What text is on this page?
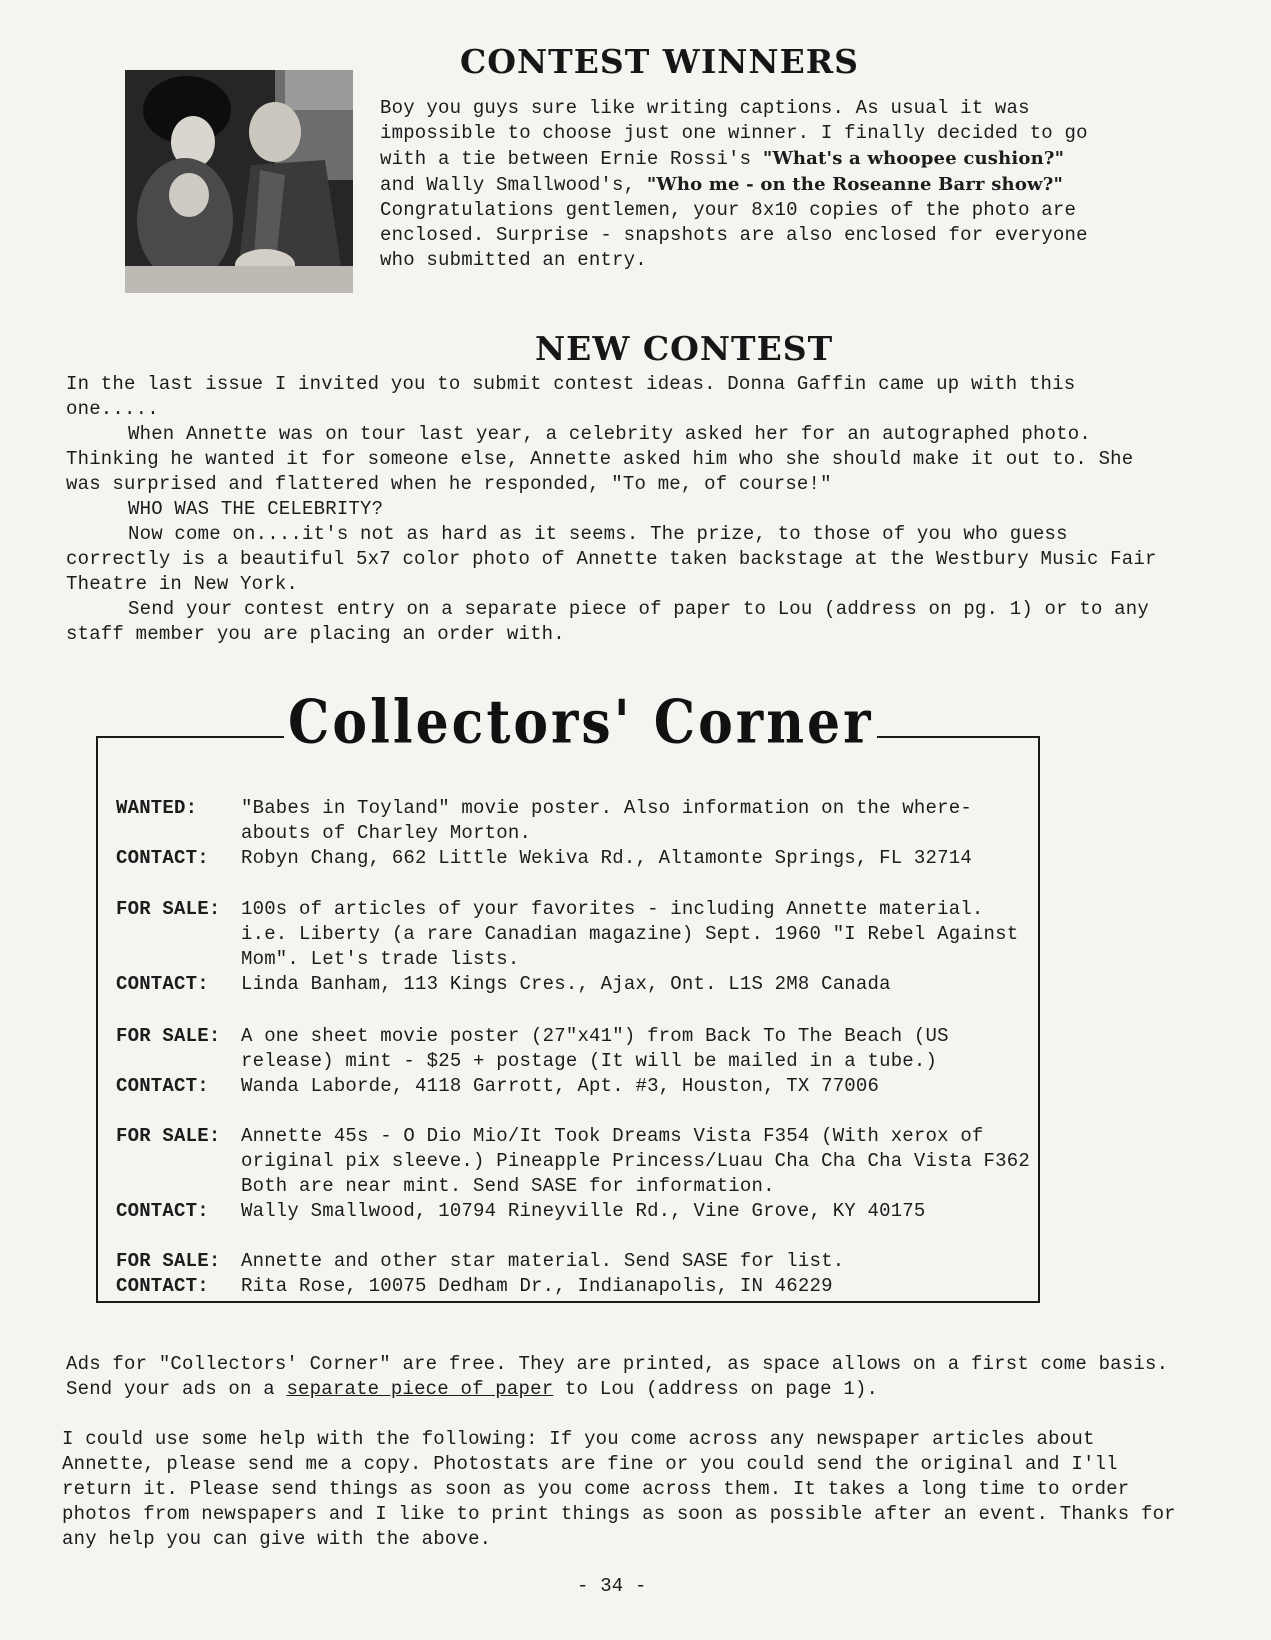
CONTEST WINNERS
Boy you guys sure like writing captions. As usual it was impossible to choose just one winner. I finally decided to go with a tie between Ernie Rossi's "What's a whoopee cushion?" and Wally Smallwood's, "Who me - on the Roseanne Barr show?"
Congratulations gentlemen, your 8x10 copies of the photo are enclosed. Surprise - snapshots are also enclosed for everyone who submitted an entry.
NEW CONTEST

In the last issue I invited you to submit contest ideas. Donna Gaffin came up with this one.....

When Annette was on tour last year, a celebrity asked her for an autographed photo. Thinking he wanted it for someone else, Annette asked him who she should make it out to. She was surprised and flattered when he responded, "To me, of course!"

WHO WAS THE CELEBRITY?

Now come on....it's not as hard as it seems. The prize, to those of you who guess correctly is a beautiful 5x7 color photo of Annette taken backstage at the Westbury Music Fair Theatre in New York.

Send your contest entry on a separate piece of paper to Lou (address on pg. 1) or to any staff member you are placing an order with.

Collectors' Corner
WANTED:	"Babes in Toyland" movie poster. Also information on the where-abouts of Charley Morton.
CONTACT:	Robyn Chang, 662 Little Wekiva Rd., Altamonte Springs, FL 32714
FOR SALE:	100s of articles of your favorites - including Annette material. i.e. Liberty (a rare Canadian magazine) Sept. 1960 "I Rebel Against Mom". Let's trade lists.
CONTACT:	Linda Banham, 113 Kings Cres., Ajax, Ont. L1S 2M8 Canada
FOR SALE:	A one sheet movie poster (27"x41") from Back To The Beach (US release) mint - $25 + postage (It will be mailed in a tube.)
CONTACT:	Wanda Laborde, 4118 Garrott, Apt. #3, Houston, TX 77006
FOR SALE:	Annette 45s - O Dio Mio/It Took Dreams Vista F354 (With xerox of original pix sleeve.) Pineapple Princess/Luau Cha Cha Cha Vista F362 Both are near mint. Send SASE for information.
CONTACT:	Wally Smallwood, 10794 Rineyville Rd., Vine Grove, KY 40175
FOR SALE:	Annette and other star material. Send SASE for list.
CONTACT:	Rita Rose, 10075 Dedham Dr., Indianapolis, IN 46229
Ads for "Collectors' Corner" are free. They are printed, as space allows on a first come basis. Send your ads on a separate piece of paper to Lou (address on page 1).
I could use some help with the following: If you come across any newspaper articles about Annette, please send me a copy. Photostats are fine or you could send the original and I'll return it. Please send things as soon as you come across them. It takes a long time to order photos from newspapers and I like to print things as soon as possible after an event. Thanks for any help you can give with the above.
- 34 -
